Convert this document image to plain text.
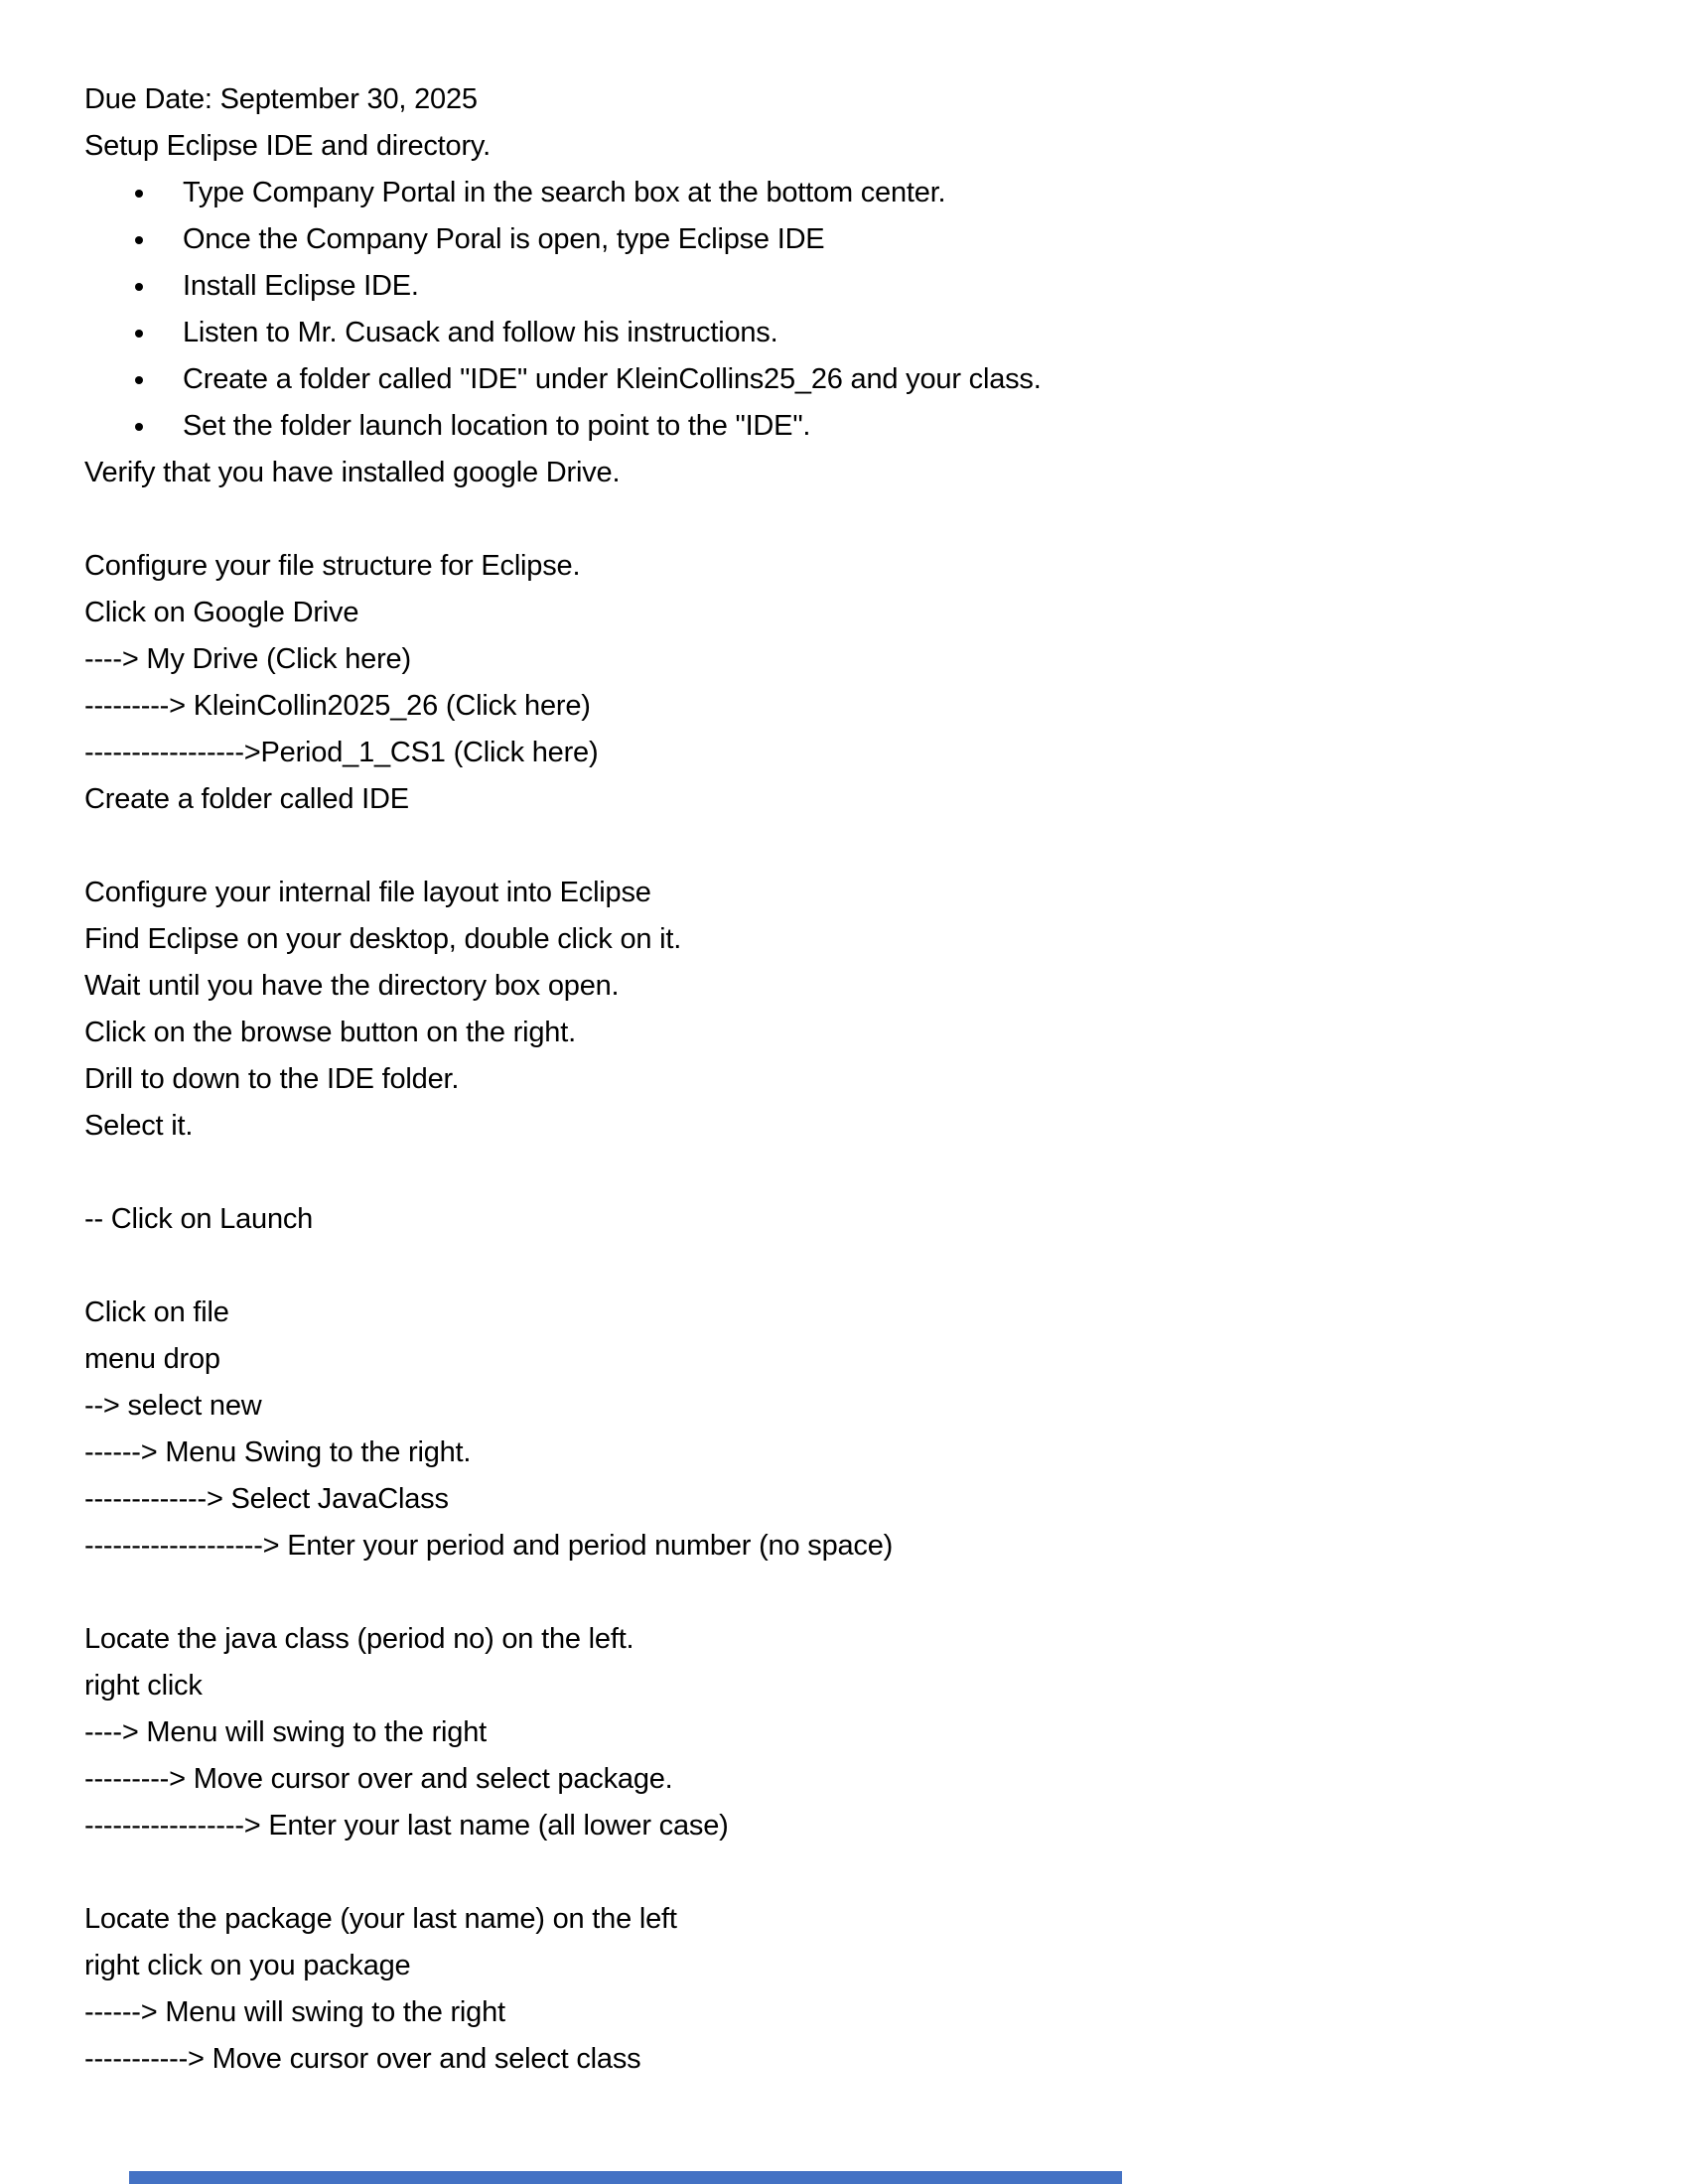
Due Date: September 30, 2025
Setup Eclipse IDE and directory.
Type Company Portal in the search box at the bottom center.
Once the Company Poral is open, type Eclipse IDE
Install Eclipse IDE.
Listen to Mr. Cusack and follow his instructions.
Create a folder called "IDE" under KleinCollins25_26 and your class.
Set the folder launch location to point to the "IDE".
Verify that you have installed google Drive.
Configure your file structure for Eclipse.
Click on Google Drive
----> My Drive (Click here)
---------> KleinCollin2025_26 (Click here)
----------------->Period_1_CS1 (Click here)
Create a folder called IDE
Configure your internal file layout into Eclipse
Find Eclipse on your desktop, double click on it.
Wait until you have the directory box open.
Click on the browse button on the right.
Drill to down to the IDE folder.
Select it.
-- Click on Launch
Click on file
menu drop
--> select new
------> Menu Swing to the right.
-------------> Select JavaClass
-------------------> Enter your period and period number (no space)
Locate the java class (period no) on the left.
right click
----> Menu will swing to the right
---------> Move cursor over and select package.
-----------------> Enter your last name (all lower case)
Locate the package (your last name) on the left
right click on you package
------> Menu will swing to the right
-----------> Move cursor over and select class
